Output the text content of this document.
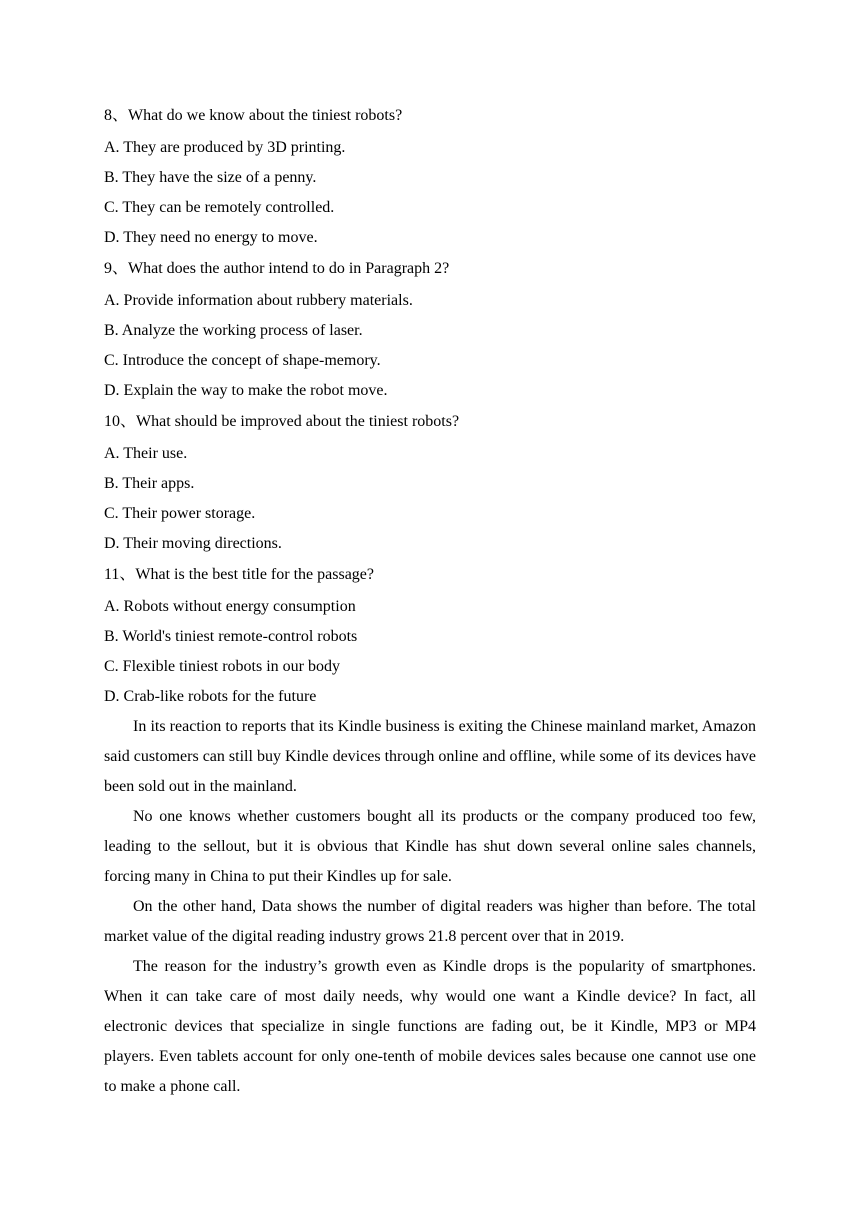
8、What do we know about the tiniest robots?
A. They are produced by 3D printing.
B. They have the size of a penny.
C. They can be remotely controlled.
D. They need no energy to move.
9、What does the author intend to do in Paragraph 2?
A. Provide information about rubbery materials.
B. Analyze the working process of laser.
C. Introduce the concept of shape-memory.
D. Explain the way to make the robot move.
10、What should be improved about the tiniest robots?
A. Their use.
B. Their apps.
C. Their power storage.
D. Their moving directions.
11、What is the best title for the passage?
A. Robots without energy consumption
B. World's tiniest remote-control robots
C. Flexible tiniest robots in our body
D. Crab-like robots for the future

In its reaction to reports that its Kindle business is exiting the Chinese mainland market, Amazon said customers can still buy Kindle devices through online and offline, while some of its devices have been sold out in the mainland.

No one knows whether customers bought all its products or the company produced too few, leading to the sellout, but it is obvious that Kindle has shut down several online sales channels, forcing many in China to put their Kindles up for sale.

On the other hand, Data shows the number of digital readers was higher than before. The total market value of the digital reading industry grows 21.8 percent over that in 2019.

The reason for the industry’s growth even as Kindle drops is the popularity of smartphones. When it can take care of most daily needs, why would one want a Kindle device? In fact, all electronic devices that specialize in single functions are fading out, be it Kindle, MP3 or MP4 players. Even tablets account for only one-tenth of mobile devices sales because one cannot use one to make a phone call.
